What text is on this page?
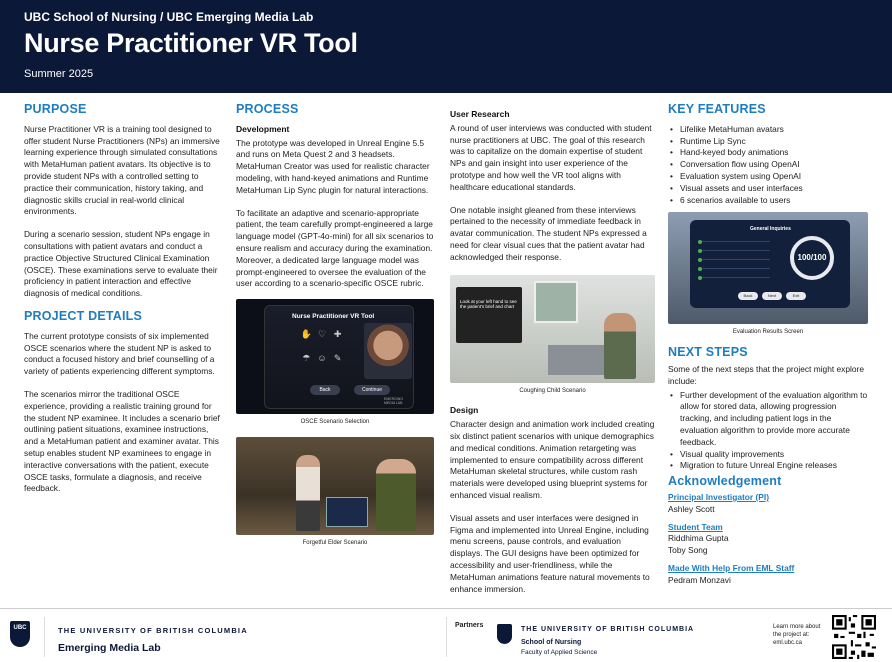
UBC School of Nursing / UBC Emerging Media Lab
Nurse Practitioner VR Tool
Summer 2025
PURPOSE

Nurse Practitioner VR is a training tool designed to offer student Nurse Practitioners (NPs) an immersive learning experience through simulated consultations with MetaHuman patient avatars. Its objective is to provide student NPs with a controlled setting to practice their communication, history taking, and diagnostic skills crucial in real-world clinical environments.

During a scenario session, student NPs engage in consultations with patient avatars and conduct a practice Objective Structured Clinical Examination (OSCE). These examinations serve to evaluate their proficiency in patient interaction and effective diagnosis of medical conditions.

PROJECT DETAILS

The current prototype consists of six implemented OSCE scenarios where the student NP is asked to conduct a focused history and brief counselling of a variety of patients experiencing different symptoms.

The scenarios mirror the traditional OSCE experience, providing a realistic training ground for the student NP examinee. It includes a scenario brief outlining patient situations, examinee instructions, and a MetaHuman patient and examiner avatar. This setup enables student NP examinees to engage in interactive conversations with the patient, execute OSCE tasks, formulate a diagnosis, and receive feedback.

PROCESS
Development

The prototype was developed in Unreal Engine 5.5 and runs on Meta Quest 2 and 3 headsets. MetaHuman Creator was used for realistic character modeling, with hand-keyed animations and Runtime MetaHuman Lip Sync plugin for natural interactions.

To facilitate an adaptive and scenario-appropriate patient, the team carefully prompt-engineered a large language model (GPT-4o-mini) for all six scenarios to ensure realism and accuracy during the examination. Moreover, a dedicated large language model was prompt-engineered to oversee the evaluation of the user according to a scenario-specific OSCE rubric.

Nurse Practitioner VR Tool
✋ ♡ ✚
☂ ☺ ✎
Back	Continue
EMERGING MEDIA LAB
OSCE Scenario Selection
Forgetful Elder Scenario
User Research

A round of user interviews was conducted with student nurse practitioners at UBC. The goal of this research was to capitalize on the domain expertise of student NPs and gain insight into user experience of the prototype and how well the VR tool aligns with healthcare educational standards.

One notable insight gleaned from these interviews pertained to the necessity of immediate feedback in avatar communication. The student NPs expressed a need for clear visual cues that the patient avatar had acknowledged their response.

Look at your left hand to see the patient's brief and chart
Coughing Child Scenario
Design

Character design and animation work included creating six distinct patient scenarios with unique demographics and medical conditions. Animation retargeting was implemented to ensure compatibility across different MetaHuman skeletal structures, while custom rash materials were developed using blueprint systems for enhanced visual realism.

Visual assets and user interfaces were designed in Figma and implemented into Unreal Engine, including menu screens, pause controls, and evaluation displays. The GUI designs have been optimized for accessibility and user-friendliness, while the MetaHuman animations feature natural movements to enhance immersion.

KEY FEATURES
• Lifelike MetaHuman avatars
• Runtime Lip Sync
• Hand-keyed body animations
• Conversation flow using OpenAI
• Evaluation system using OpenAI
• Visual assets and user interfaces
• 6 scenarios available to users
General Inquiries
100/100
Back	Next	Exit
Evaluation Results Screen
NEXT STEPS

Some of the next steps that the project might explore include:

• Further development of the evaluation algorithm to allow for stored data, allowing progression tracking, and including patient logs in the evaluation algorithm to provide more accurate feedback.
• Visual quality improvements
• Migration to future Unreal Engine releases
Acknowledgement
Principal Investigator (PI)

Ashley Scott

Student Team
Riddhima Gupta

Toby Song

Made With Help From EML Staff
Pedram Monzavi
UBC	THE UNIVERSITY OF BRITISH COLUMBIA
Emerging Media Lab
Partners
THE UNIVERSITY OF BRITISH COLUMBIA
School of Nursing
Faculty of Applied Science
Learn more about the project at: eml.ubc.ca
